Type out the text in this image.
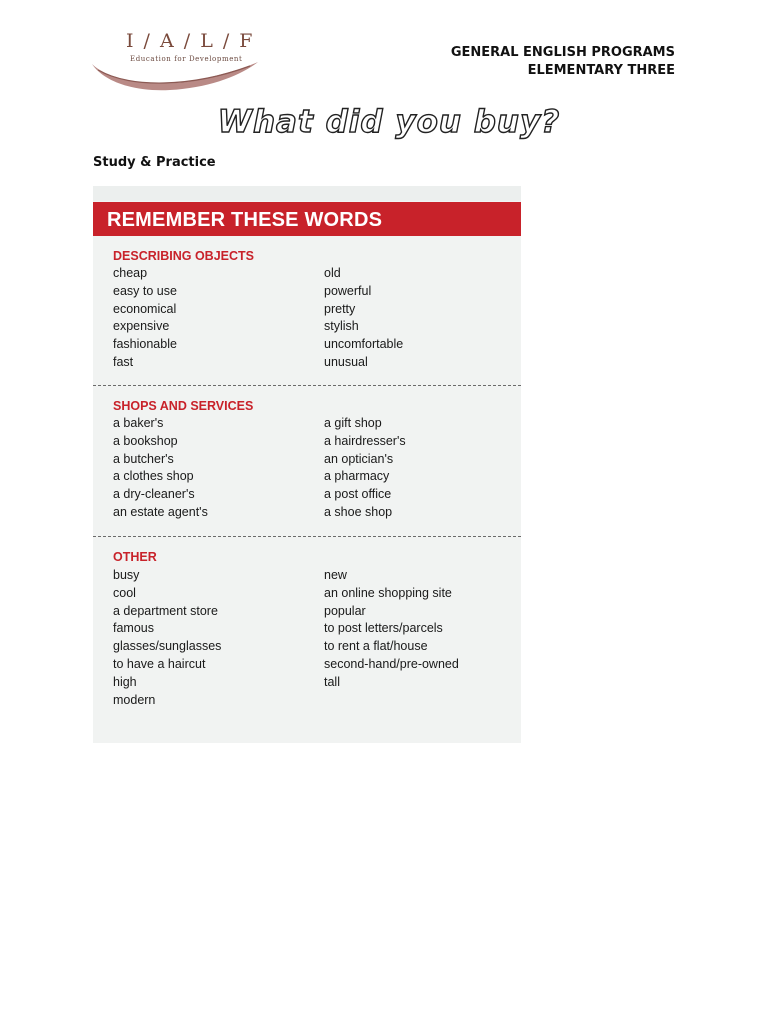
I / A / L / F
Education for Development	GENERAL ENGLISH PROGRAMS
ELEMENTARY THREE
What did you buy?
Study & Practice
REMEMBER THESE WORDS
DESCRIBING OBJECTS
cheap
easy to use
economical
expensive
fashionable
fast
old
powerful
pretty
stylish
uncomfortable
unusual
SHOPS AND SERVICES
a baker's
a bookshop
a butcher's
a clothes shop
a dry-cleaner's
an estate agent's
a gift shop
a hairdresser's
an optician's
a pharmacy
a post office
a shoe shop
OTHER
busy
cool
a department store
famous
glasses/sunglasses
to have a haircut
high
modern
new
an online shopping site
popular
to post letters/parcels
to rent a flat/house
second-hand/pre-owned
tall
